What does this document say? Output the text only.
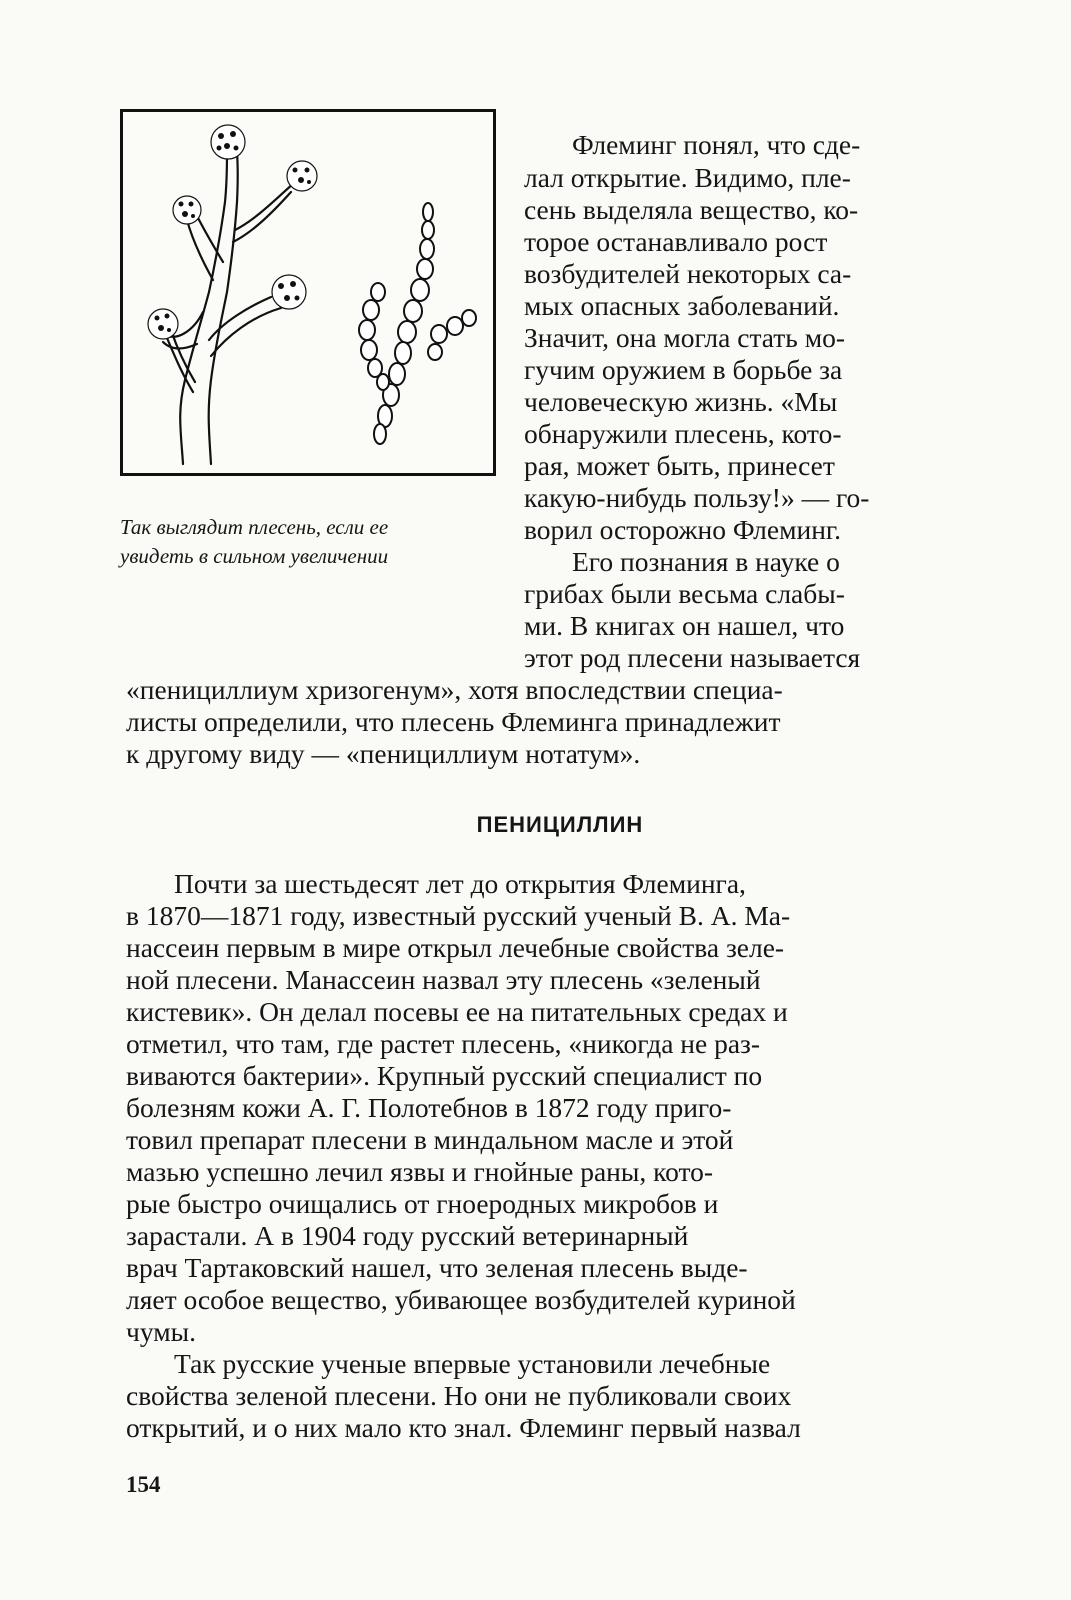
Так выглядит плесень, если ее
увидеть в сильном увеличении

Флеминг понял, что сде-

лал открытие. Видимо, пле-

сень выделяла вещество, ко-

торое останавливало рост

возбудителей некоторых са-

мых опасных заболеваний.

Значит, она могла стать мо-

гучим оружием в борьбе за

человеческую жизнь. «Мы

обнаружили плесень, кото-

рая, может быть, принесет

какую-нибудь пользу!» — го-

ворил осторожно Флеминг.

Его познания в науке о

грибах были весьма слабы-

ми. В книгах он нашел, что

этот род плесени называется

«пенициллиум хризогенум», хотя впоследствии специа-

листы определили, что плесень Флеминга принадлежит

к другому виду — «пенициллиум нотатум».

ПЕНИЦИЛЛИН

Почти за шестьдесят лет до открытия Флеминга,

в 1870—1871 году, известный русский ученый В. А. Ма-

нассеин первым в мире открыл лечебные свойства зеле-

ной плесени. Манассеин назвал эту плесень «зеленый

кистевик». Он делал посевы ее на питательных средах и

отметил, что там, где растет плесень, «никогда не раз-

виваются бактерии». Крупный русский специалист по

болезням кожи А. Г. Полотебнов в 1872 году приго-

товил препарат плесени в миндальном масле и этой

мазью успешно лечил язвы и гнойные раны, кото-

рые быстро очищались от гноеродных микробов и

зарастали. А в 1904 году русский ветеринарный

врач Тартаковский нашел, что зеленая плесень выде-

ляет особое вещество, убивающее возбудителей куриной

чумы.

Так русские ученые впервые установили лечебные

свойства зеленой плесени. Но они не публиковали своих

открытий, и о них мало кто знал. Флеминг первый назвал

154
